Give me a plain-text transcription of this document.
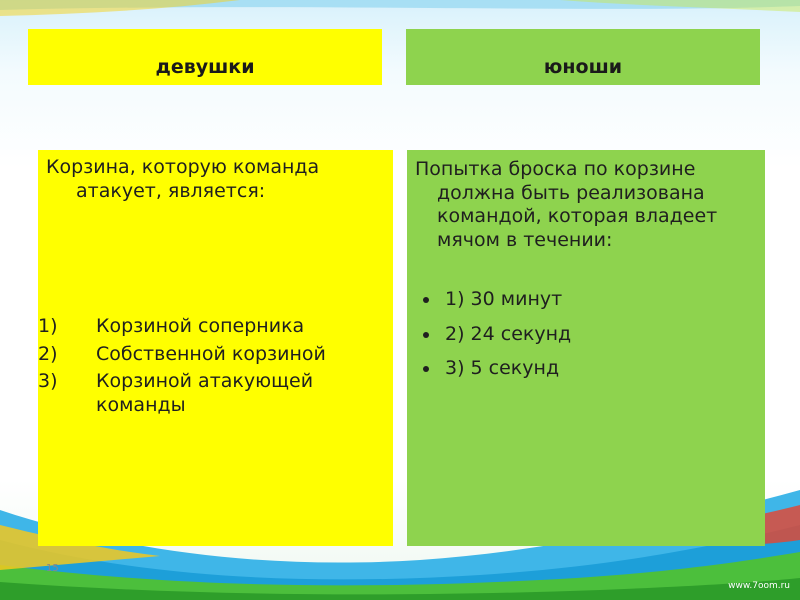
девушки	юноши

Корзина, которую команда атакует, является:

1)	Корзиной соперника
2)	Собственной корзиной
3)	Корзиной атакующей команды

Попытка броска по корзине должна быть реализована командой, которая владеет мячом в течении:

1) 30 минут
2) 24 секунд
3) 5 секунд
15
www.7oom.ru
